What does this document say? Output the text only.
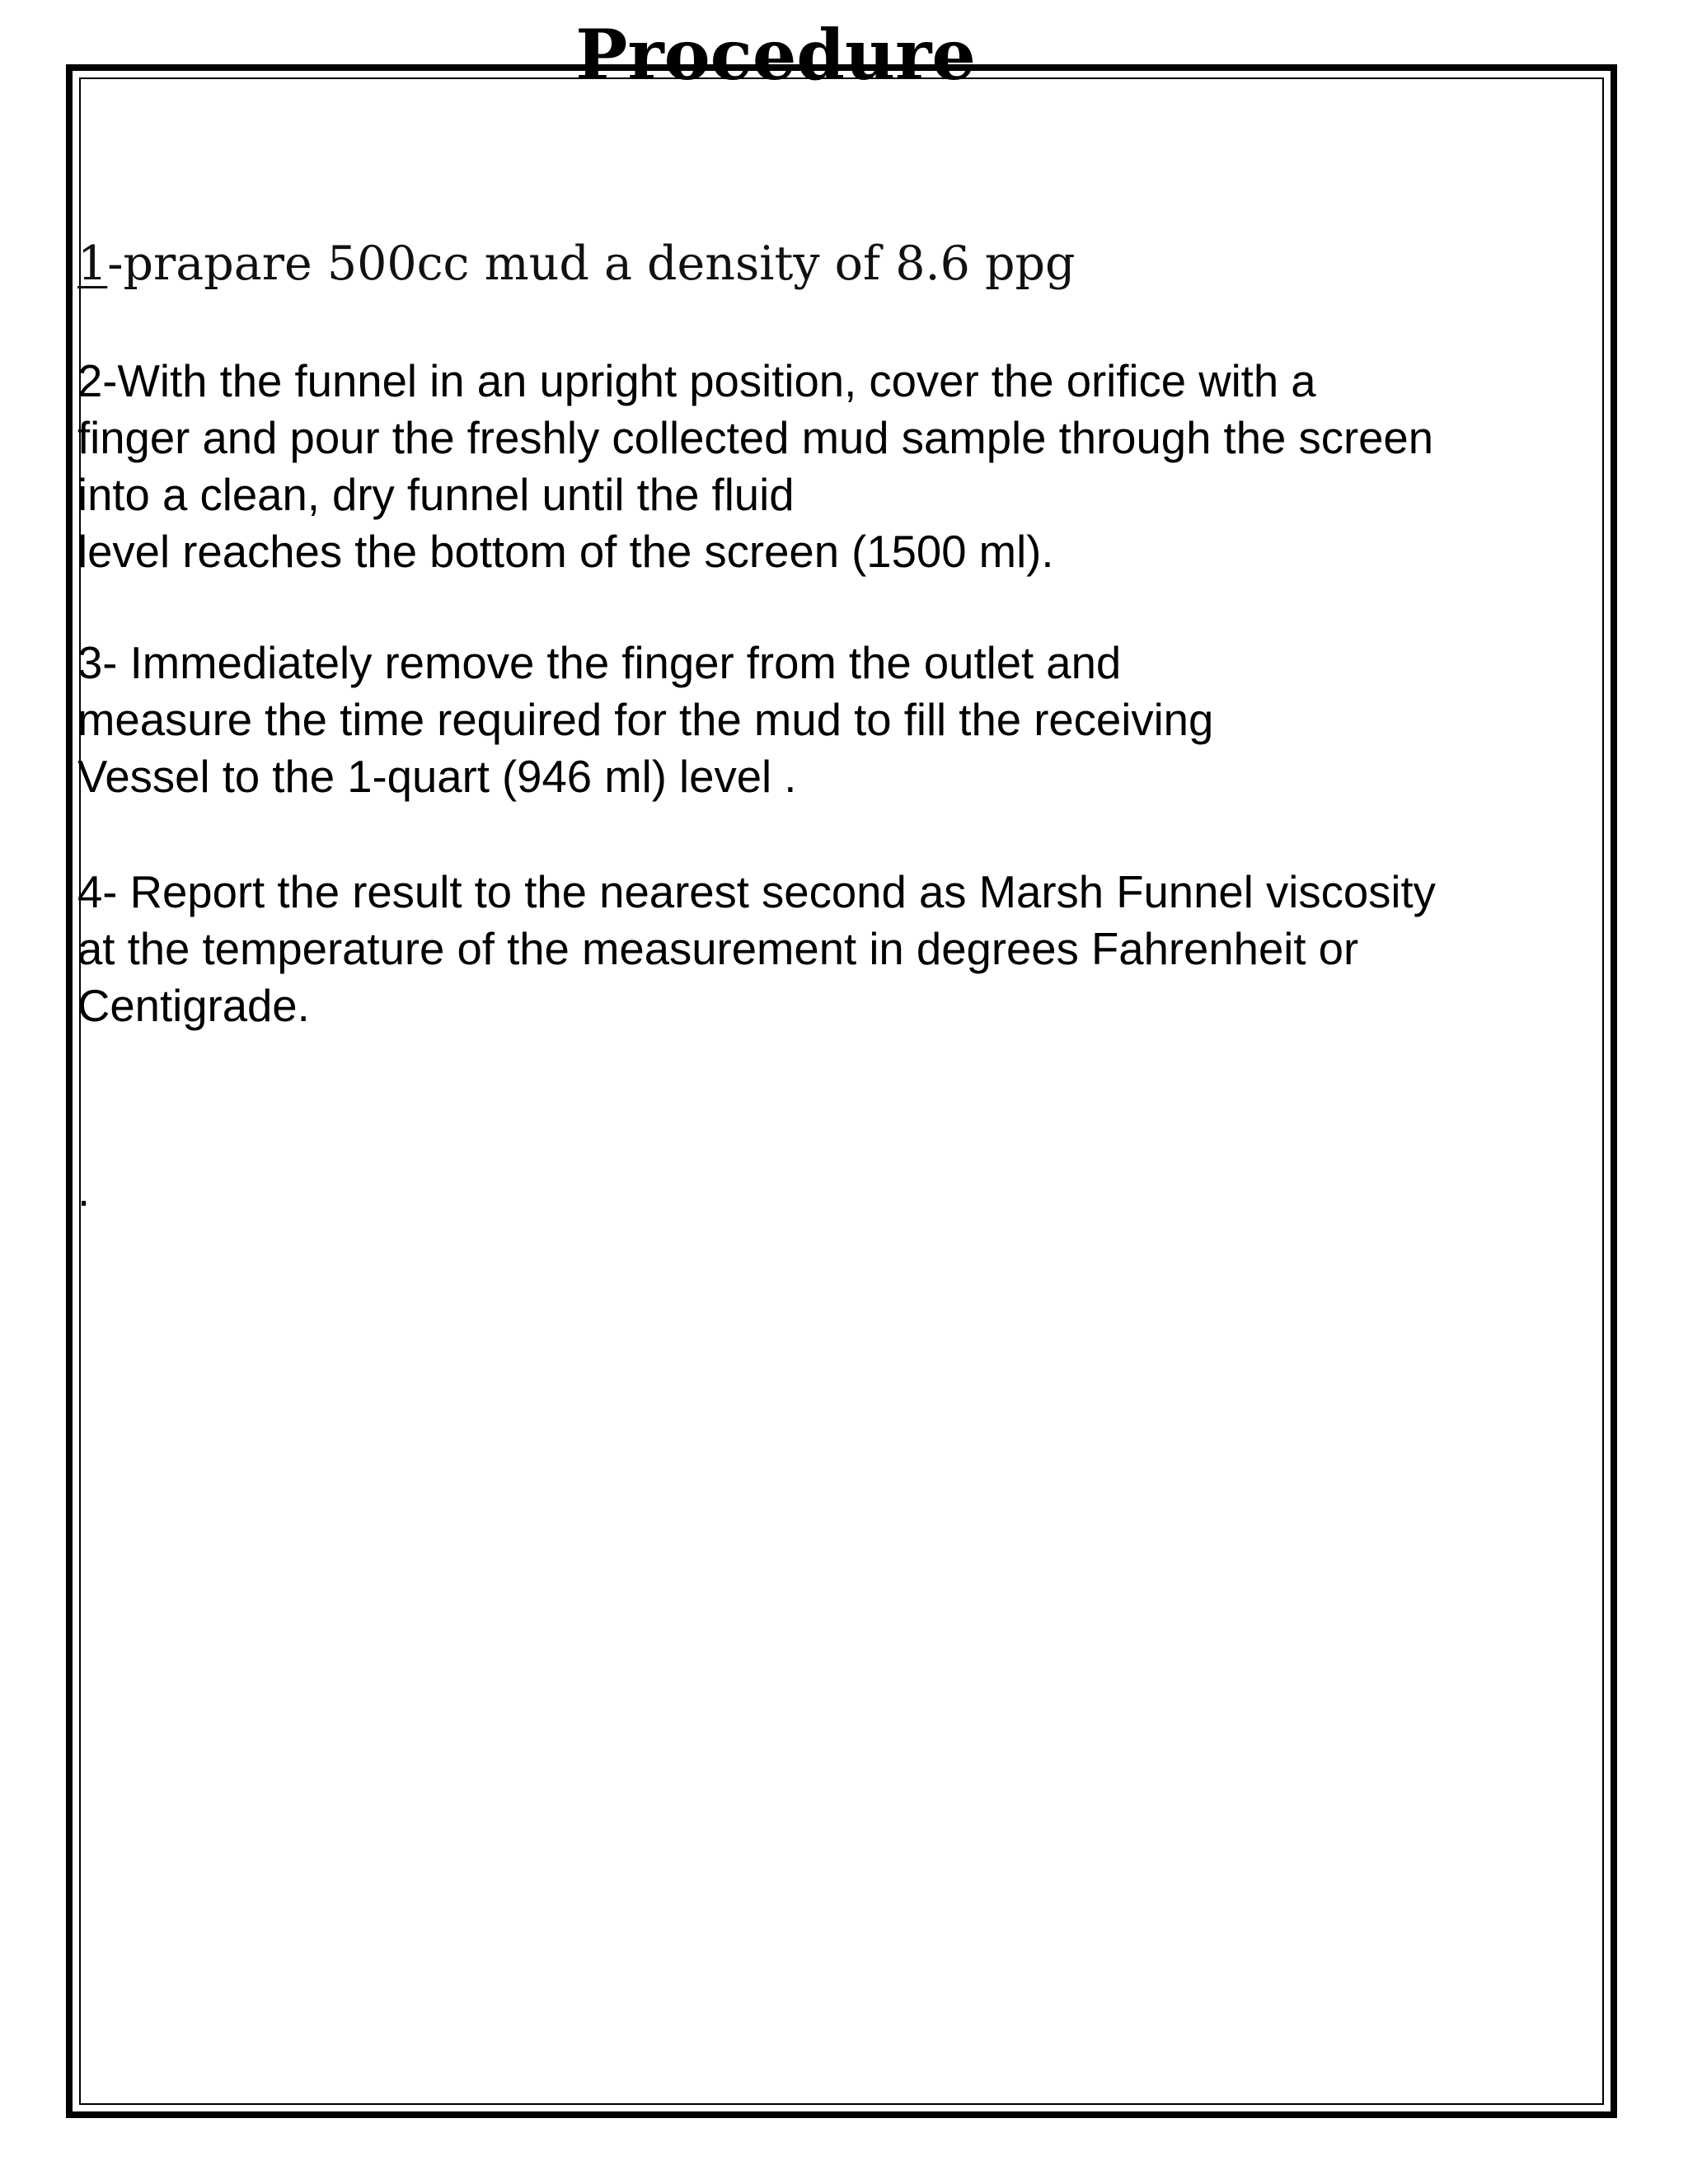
Procedure

1-prapare 500cc mud a density of 8.6 ppg

2-With the funnel in an upright position, cover the orifice with a
finger and pour the freshly collected mud sample through the screen
into a clean, dry funnel until the fluid
level reaches the bottom of the screen (1500 ml).

3- Immediately remove the finger from the outlet and
measure the time required for the mud to fill the receiving
Vessel to the 1-quart (946 ml) level .

4- Report the result to the nearest second as Marsh Funnel viscosity
at the temperature of the measurement in degrees Fahrenheit or
Centigrade.

.
